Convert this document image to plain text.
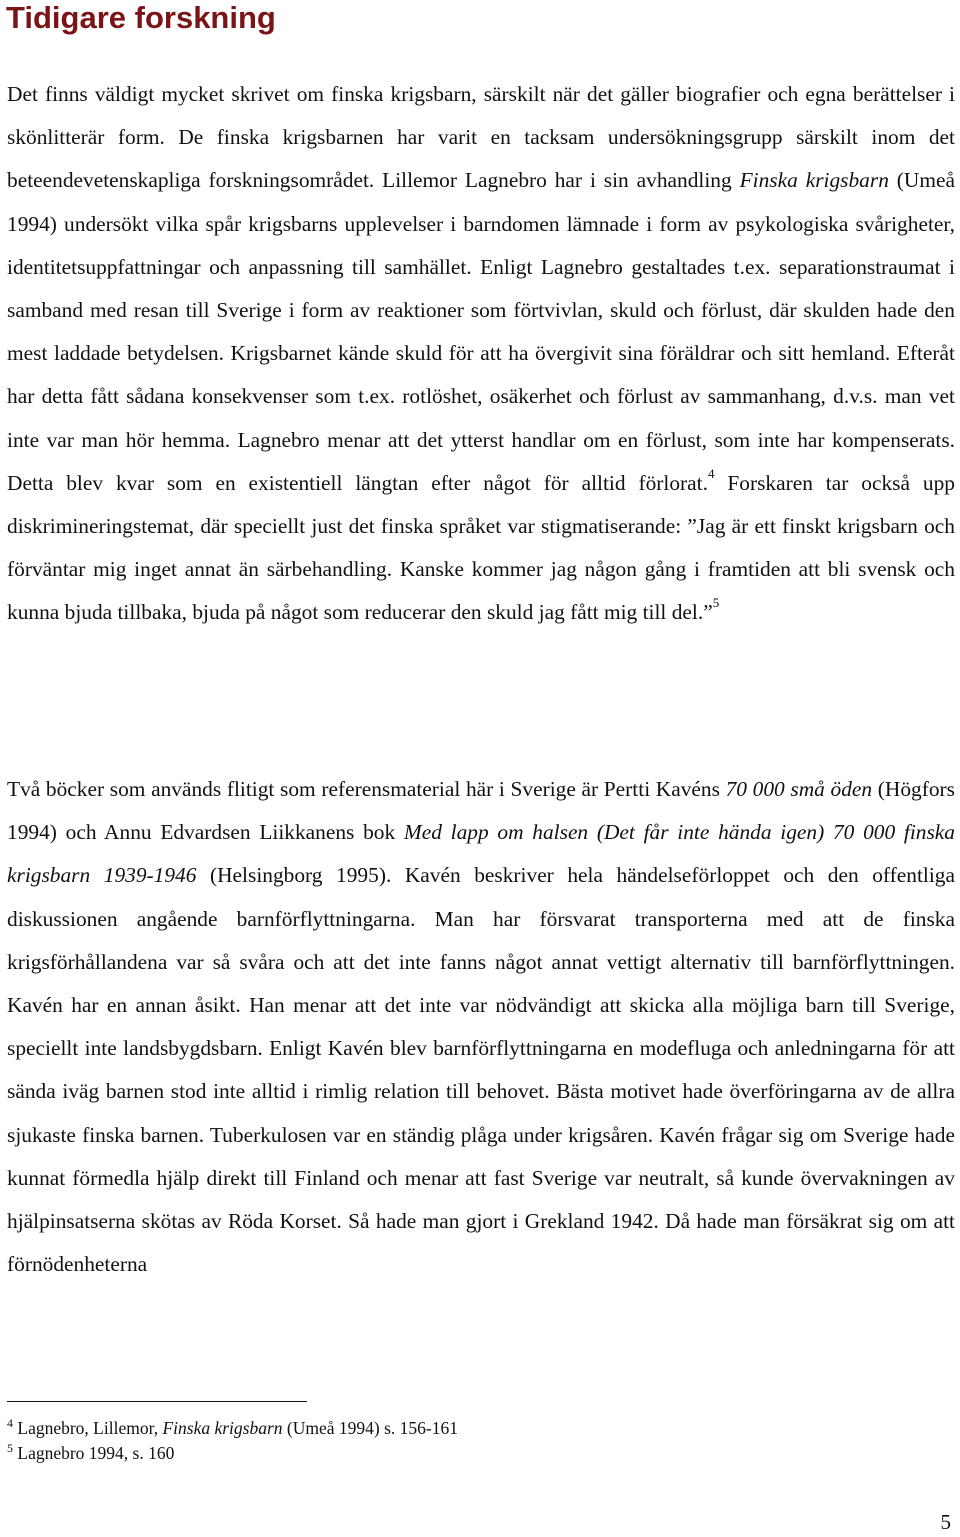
Tidigare forskning

Det finns väldigt mycket skrivet om finska krigsbarn, särskilt när det gäller biografier och egna berättelser i skönlitterär form. De finska krigsbarnen har varit en tacksam undersökningsgrupp särskilt inom det beteendevetenskapliga forskningsområdet. Lillemor Lagnebro har i sin avhandling Finska krigsbarn (Umeå 1994) undersökt vilka spår krigsbarns upplevelser i barndomen lämnade i form av psykologiska svårigheter, identitetsuppfattningar och anpassning till samhället. Enligt Lagnebro gestaltades t.ex. separationstraumat i samband med resan till Sverige i form av reaktioner som förtvivlan, skuld och förlust, där skulden hade den mest laddade betydelsen. Krigsbarnet kände skuld för att ha övergivit sina föräldrar och sitt hemland. Efteråt har detta fått sådana konsekvenser som t.ex. rotlöshet, osäkerhet och förlust av sammanhang, d.v.s. man vet inte var man hör hemma. Lagnebro menar att det ytterst handlar om en förlust, som inte har kompenserats. Detta blev kvar som en existentiell längtan efter något för alltid förlorat.$^4$ Forskaren tar också upp diskrimineringstemat, där speciellt just det finska språket var stigmatiserande: ”Jag är ett finskt krigsbarn och förväntar mig inget annat än särbehandling. Kanske kommer jag någon gång i framtiden att bli svensk och kunna bjuda tillbaka, bjuda på något som reducerar den skuld jag fått mig till del.”$^5$

Två böcker som används flitigt som referensmaterial här i Sverige är Pertti Kavéns 70 000 små öden (Högfors 1994) och Annu Edvardsen Liikkanens bok Med lapp om halsen (Det får inte hända igen) 70 000 finska krigsbarn 1939-1946 (Helsingborg 1995). Kavén beskriver hela händelseförloppet och den offentliga diskussionen angående barnförflyttningarna. Man har försvarat transporterna med att de finska krigsförhållandena var så svåra och att det inte fanns något annat vettigt alternativ till barnförflyttningen. Kavén har en annan åsikt. Han menar att det inte var nödvändigt att skicka alla möjliga barn till Sverige, speciellt inte landsbygdsbarn. Enligt Kavén blev barnförflyttningarna en modefluga och anledningarna för att sända iväg barnen stod inte alltid i rimlig relation till behovet. Bästa motivet hade överföringarna av de allra sjukaste finska barnen. Tuberkulosen var en ständig plåga under krigsåren. Kavén frågar sig om Sverige hade kunnat förmedla hjälp direkt till Finland och menar att fast Sverige var neutralt, så kunde övervakningen av hjälpinsatserna skötas av Röda Korset. Så hade man gjort i Grekland 1942. Då hade man försäkrat sig om att förnödenheterna

$^4$ Lagnebro, Lillemor, Finska krigsbarn (Umeå 1994) s. 156-161
$^5$ Lagnebro 1994, s. 160
5
